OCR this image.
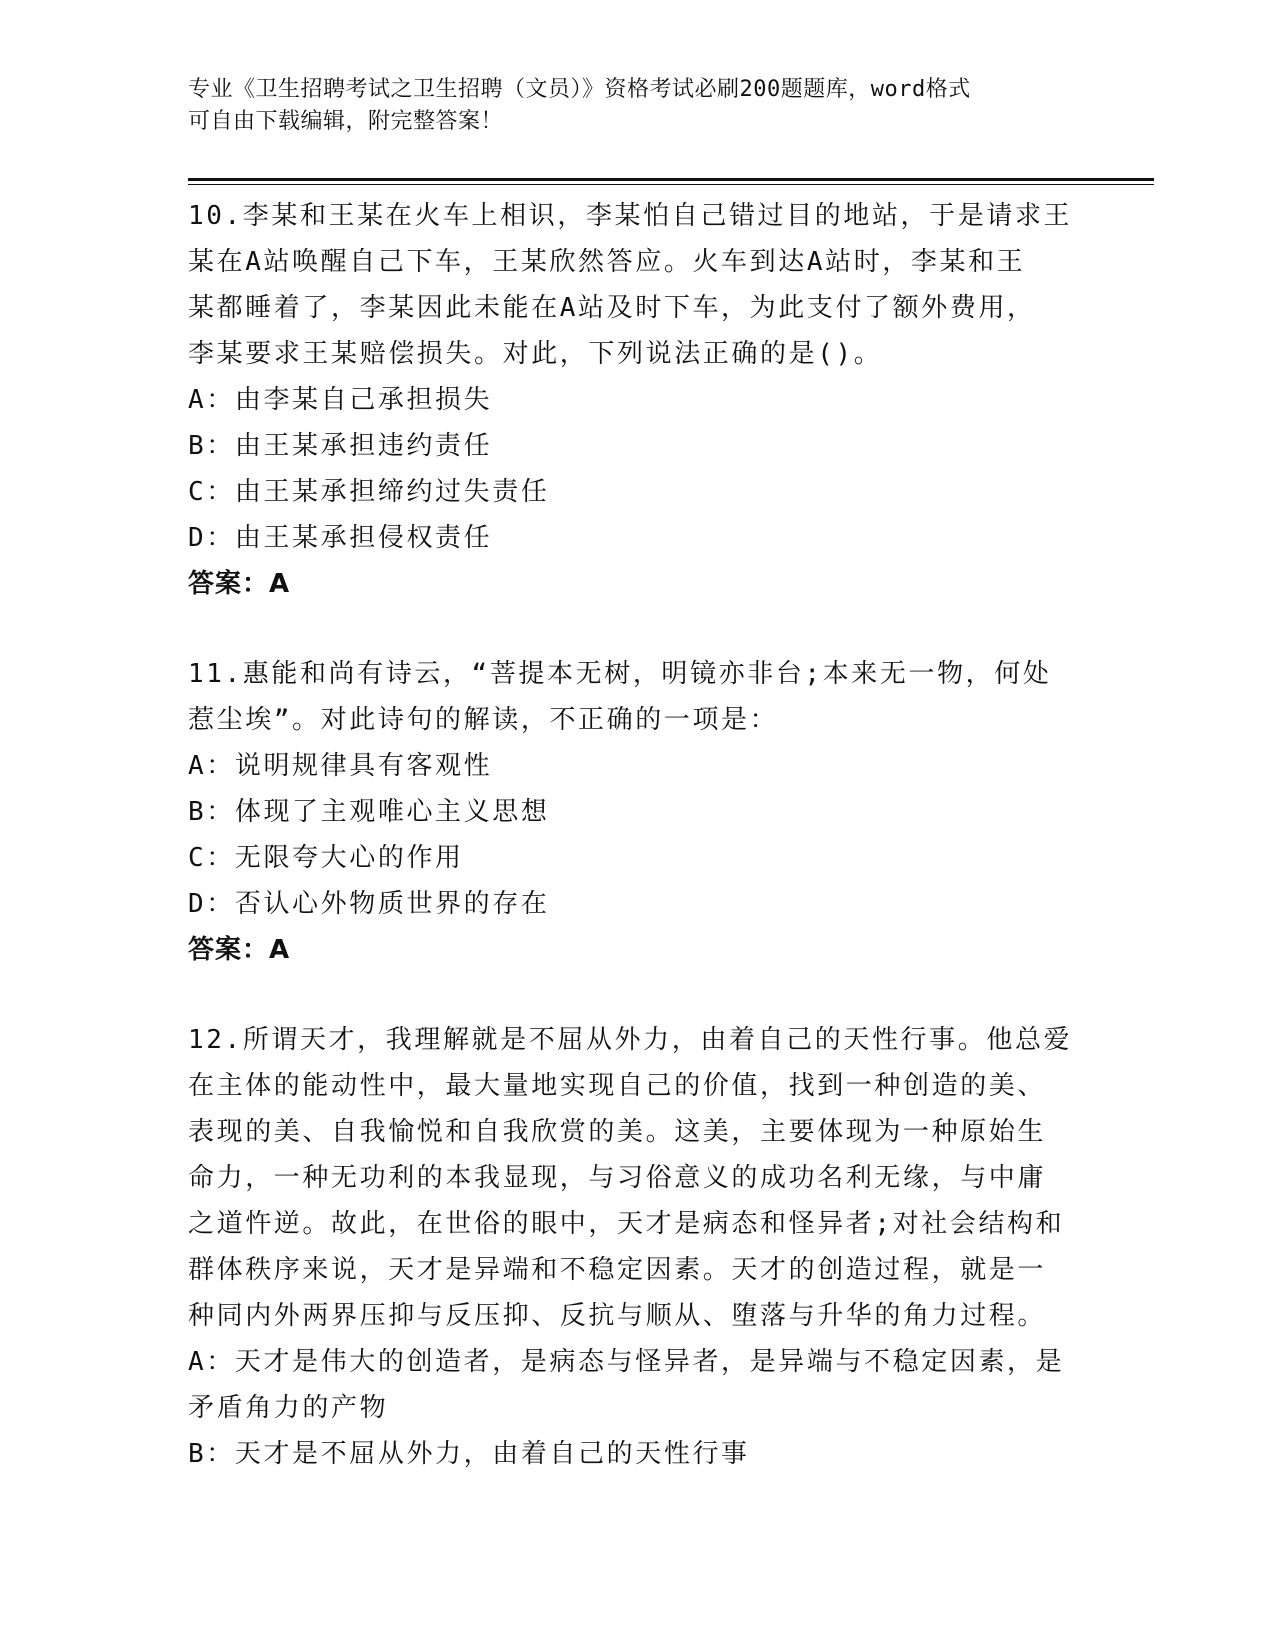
专业《卫生招聘考试之卫生招聘（文员）》资格考试必刷200题题库，word格式
可自由下载编辑，附完整答案！
10.李某和王某在火车上相识，李某怕自己错过目的地站，于是请求王
某在A站唤醒自己下车，王某欣然答应。火车到达A站时，李某和王
某都睡着了，李某因此未能在A站及时下车，为此支付了额外费用，
李某要求王某赔偿损失。对此，下列说法正确的是()。
A：由李某自己承担损失
B：由王某承担违约责任
C：由王某承担缔约过失责任
D：由王某承担侵权责任
答案：A
11.惠能和尚有诗云，“菩提本无树，明镜亦非台;本来无一物，何处
惹尘埃”。对此诗句的解读，不正确的一项是：
A：说明规律具有客观性
B：体现了主观唯心主义思想
C：无限夸大心的作用
D：否认心外物质世界的存在
答案：A
12.所谓天才，我理解就是不屈从外力，由着自己的天性行事。他总爱
在主体的能动性中，最大量地实现自己的价值，找到一种创造的美、
表现的美、自我愉悦和自我欣赏的美。这美，主要体现为一种原始生
命力，一种无功利的本我显现，与习俗意义的成功名利无缘，与中庸
之道忤逆。故此，在世俗的眼中，天才是病态和怪异者;对社会结构和
群体秩序来说，天才是异端和不稳定因素。天才的创造过程，就是一
种同内外两界压抑与反压抑、反抗与顺从、堕落与升华的角力过程。
A：天才是伟大的创造者，是病态与怪异者，是异端与不稳定因素，是
矛盾角力的产物
B：天才是不屈从外力，由着自己的天性行事
